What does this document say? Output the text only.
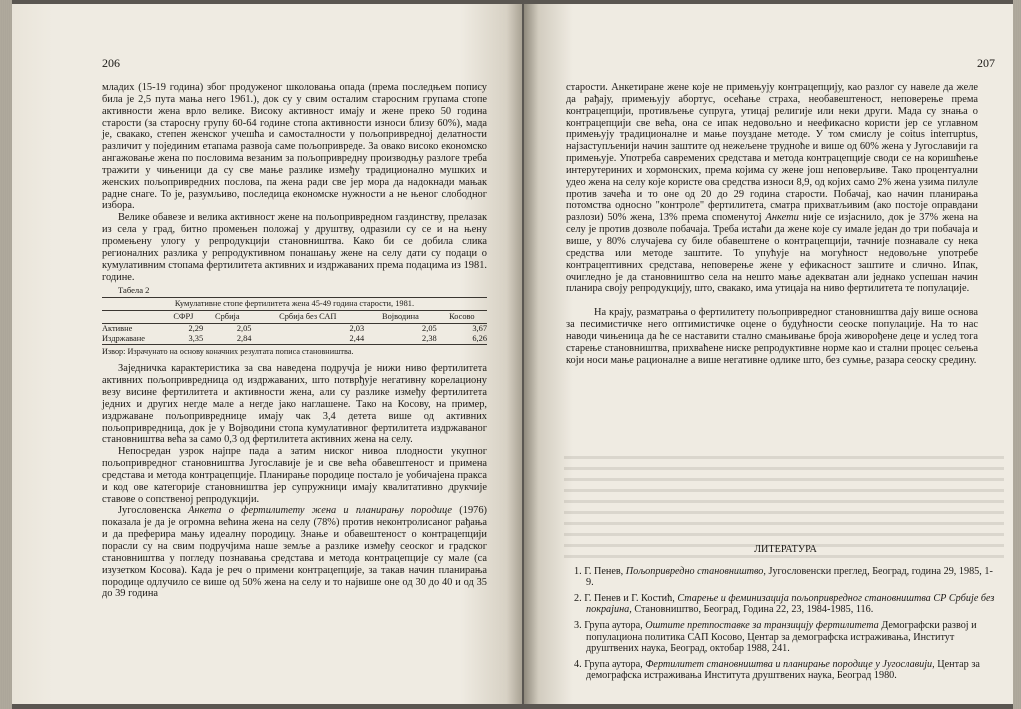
206

младих (15-19 година) због продуженог школовања опада (према последњем попису била је 2,5 пута мања него 1961.), док су у свим осталим старосним групама стопе активности жена врло велике. Високу активност имају и жене преко 50 година старости (за старосну групу 60-64 године стопа активности износи близу 60%), мада је, свакако, степен женског учешћа и самосталности у пољопривредној делатности различит у појединим етапама развоја саме пољопривреде. За овако високо економско ангажовање жена по пословима везаним за пољопривредну производњу разлоге треба тражити у чињеници да су све мање разлике између традиционално мушких и женских пољопривредних послова, па жена ради све јер мора да надокнади мањак радне снаге. То је, разумљиво, последица економске нужности а не њеног слободног избора.

Велике обавезе и велика активност жене на пољопривредном газдинству, прелазак из села у град, битно промењен положај у друштву, одразили су се и на њену промењену улогу у репродукцији становништва. Како би се добила слика регионалних разлика у репродуктивном понашању жене на селу дати су подаци о кумулативним стопама фертилитета активних и издржаваних према подацима из 1981. године.

Табела 2
Кумулативне стопе фертилитета жена 45-49 година старости, 1981.
	СФРЈ	Србија	Србија без САП	Војводина	Косово
Активне	2,29	2,05	2,03	2,05	3,67
Издржаване	3,35	2,84	2,44	2,38	6,26
Извор: Израчунато на основу коначних резултата пописа становништва.

Заједничка карактеристика за сва наведена подручја је нижи ниво фертилитета активних пољопривредница од издржаваних, што потврђује негативну корелациону везу висине фертилитета и активности жена, али су разлике између фертилитета једних и других негде мале а негде јако наглашене. Тако на Косову, на пример, издржаване пољопривреднице имају чак 3,4 детета више од активних пољопривредница, док је у Војводини стопа кумулативног фертилитета издржаваног становништва већа за само 0,3 од фертилитета активних жена на селу.

Непосредан узрок најпре пада а затим ниског нивоа плодности укупног пољопривредног становништва Југославије је и све већа обавештеност и примена средстава и метода контрацепције. Планирање породице постало је уобичајена пракса и код ове категорије становништва јер супружници имају квалитативно друкчије ставове о сопственој репродукцији.

Југословенска Анкета о фертилитету жена и планирању породице (1976) показала је да је огромна већина жена на селу (78%) против неконтролисаног рађања и да преферира мању идеалну породицу. Знање и обавештеност о контрацепцији порасли су на свим подручјима наше земље а разлике између сеоског и градског становништва у погледу познавања средстава и метода контрацепције су мале (са изузетком Косова). Када је реч о примени контрацепције, за такав начин планирања породице одлучило се више од 50% жена на селу и то највише оне од 30 до 40 и од 35 до 39 година

207

старости. Анкетиране жене које не примењују контрацепцију, као разлог су навеле да желе да рађају, примењују абортус, осећање страха, необавештеност, неповерење према контрацепцији, противљење супруга, утицај религије или неки други. Мада су знања о контрацепцији све већа, она се ипак недовољно и неефикасно користи јер се углавном примењују традиционалне и мање поуздане методе. У том смислу је coitus interruptus, најзаступљенији начин заштите од нежељене трудноће и више од 60% жена у Југославији га примењује. Употреба савремених средстава и метода контрацепције своди се на коришћење интерутериних и хормонских, према којима су жене још неповерљиве. Тако процентуални удео жена на селу које користе ова средства износи 8,9, од којих само 2% жена узима пилуле против зачећа и то оне од 20 до 29 година старости. Побачај, као начин планирања потомства односно "контроле" фертилитета, сматра прихватљивим (ако постоје оправдани разлози) 50% жена, 13% према споменутој Анкети није се изјаснило, док је 37% жена на селу је против дозволе побачаја. Треба истаћи да жене које су имале један до три побачаја и више, у 80% случајева су биле обавештене о контрацепцији, тачније познавале су нека средства или методе заштите. То упућује на могућност недовољне употребе контрацептивних средстава, неповерење жене у ефикасност заштите и слично. Ипак, очигледно је да становништво села на нешто мање адекватан али једнако успешан начин планира своју репродукцију, што, свакако, има утицаја на ниво фертилитета те популације.

На крају, разматрања о фертилитету пољопривредног становништва дају више основа за песимистичке него оптимистичке оцене о будућности сеоске популације. На то нас наводи чињеница да ће се наставити стално смањивање броја живорођене деце и услед тога старење становништва, прихваћене ниске репродуктивне норме као и стални процес сељења који носи мање рационалне а више негативне одлике што, без сумње, разара сеоску средину.

ЛИТЕРАТУРА
1. Г. Пенев, Пољопривредно становништво, Југословенски преглед, Београд, година 29, 1985, 1-9.
2. Г. Пенев и Г. Костић, Старење и феминизација пољопривредног становништва СР Србије без покрајина, Становништво, Београд, Година 22, 23, 1984-1985, 116.
3. Група аутора, Оштите претпоставке за транзицију фертилитета Демографски развој и популациона политика САП Косово, Центар за демографска истраживања, Институт друштвених наука, Београд, октобар 1988, 241.
4. Група аутора, Фертилитет становништва и планирање породице у Југославији, Центар за демографска истраживања Института друштвених наука, Београд 1980.
